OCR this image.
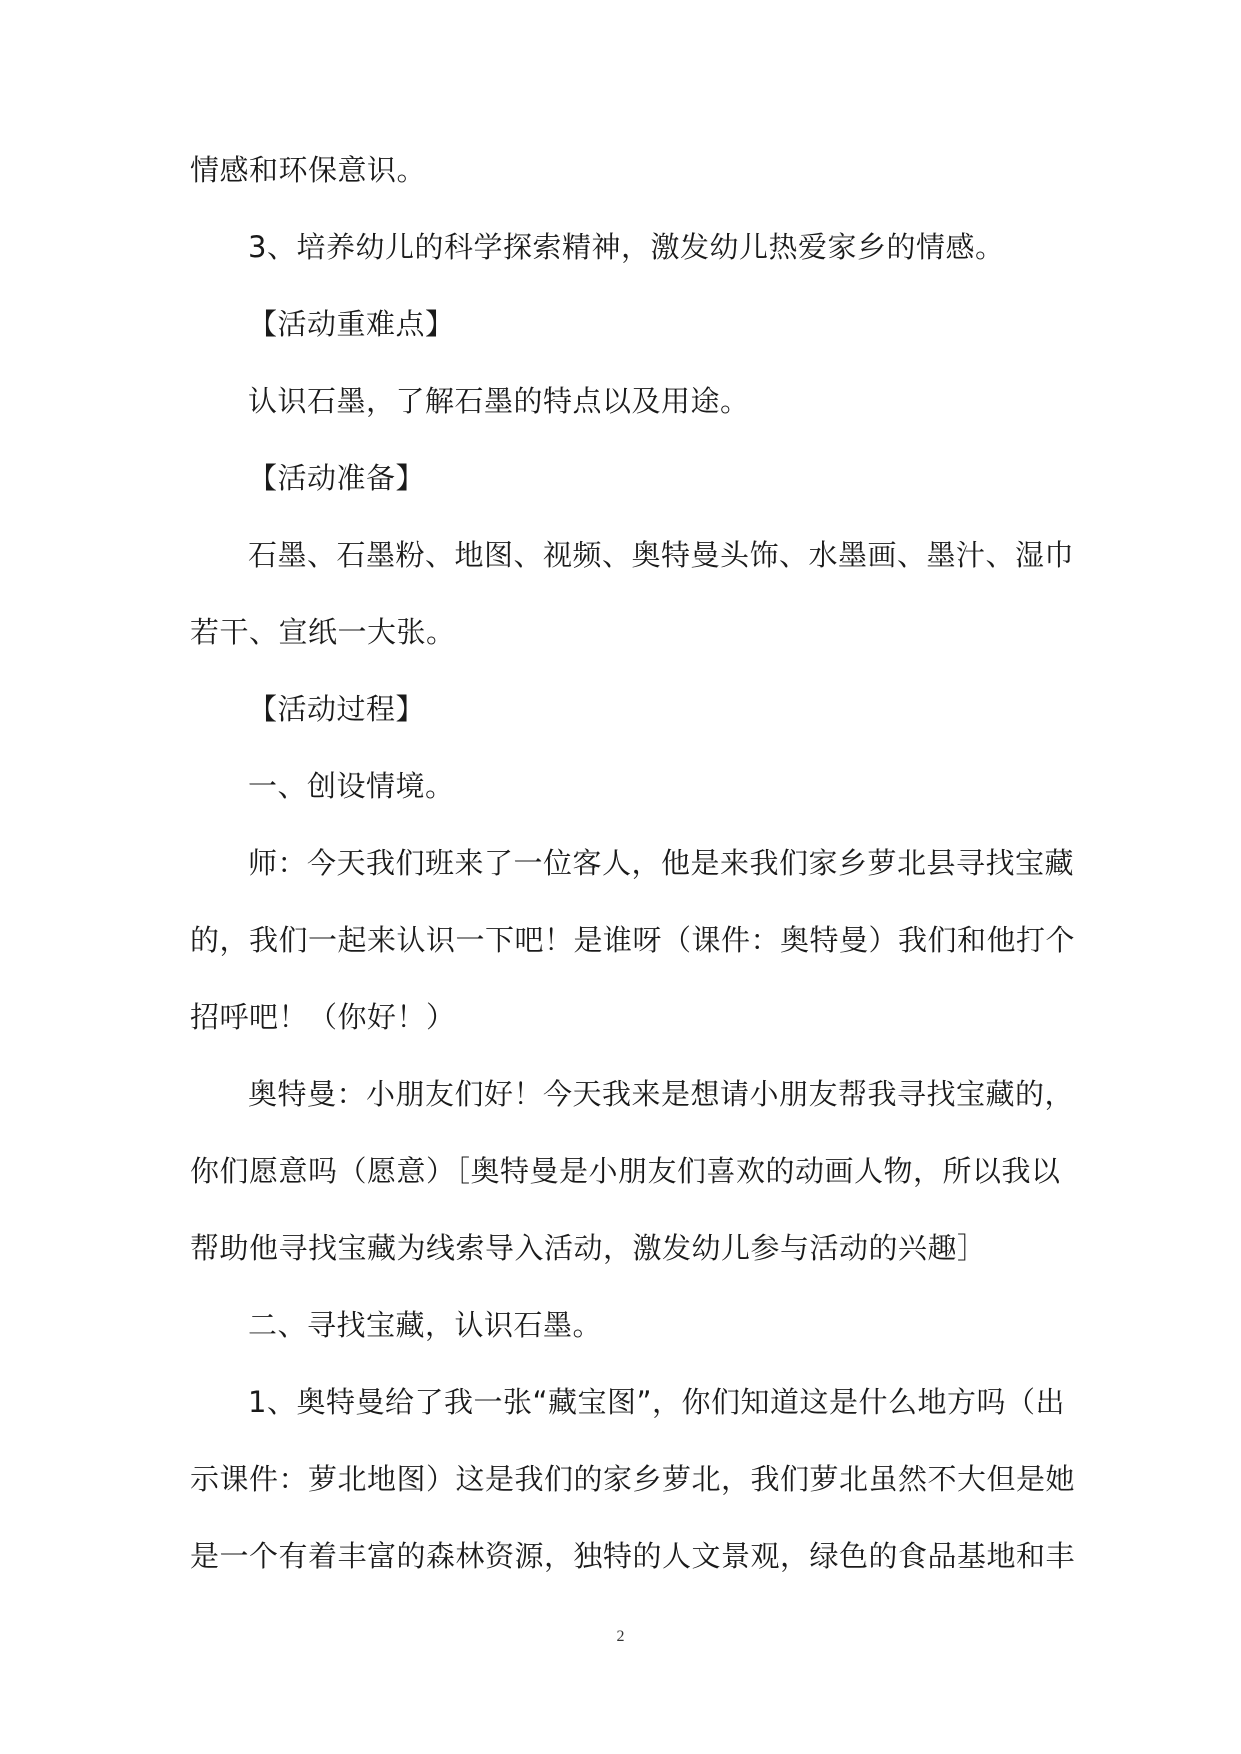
情感和环保意识。

3、培养幼儿的科学探索精神，激发幼儿热爱家乡的情感。

【活动重难点】

认识石墨，了解石墨的特点以及用途。

【活动准备】

石墨、石墨粉、地图、视频、奥特曼头饰、水墨画、墨汁、湿巾

若干、宣纸一大张。

【活动过程】

一、创设情境。

师：今天我们班来了一位客人，他是来我们家乡萝北县寻找宝藏

的，我们一起来认识一下吧！是谁呀（课件：奥特曼）我们和他打个

招呼吧！（你好！）

奥特曼：小朋友们好！今天我来是想请小朋友帮我寻找宝藏的，

你们愿意吗（愿意）［奥特曼是小朋友们喜欢的动画人物，所以我以

帮助他寻找宝藏为线索导入活动，激发幼儿参与活动的兴趣］

二、寻找宝藏，认识石墨。

1、奥特曼给了我一张“藏宝图”，你们知道这是什么地方吗（出

示课件：萝北地图）这是我们的家乡萝北，我们萝北虽然不大但是她

是一个有着丰富的森林资源，独特的人文景观，绿色的食品基地和丰

2
